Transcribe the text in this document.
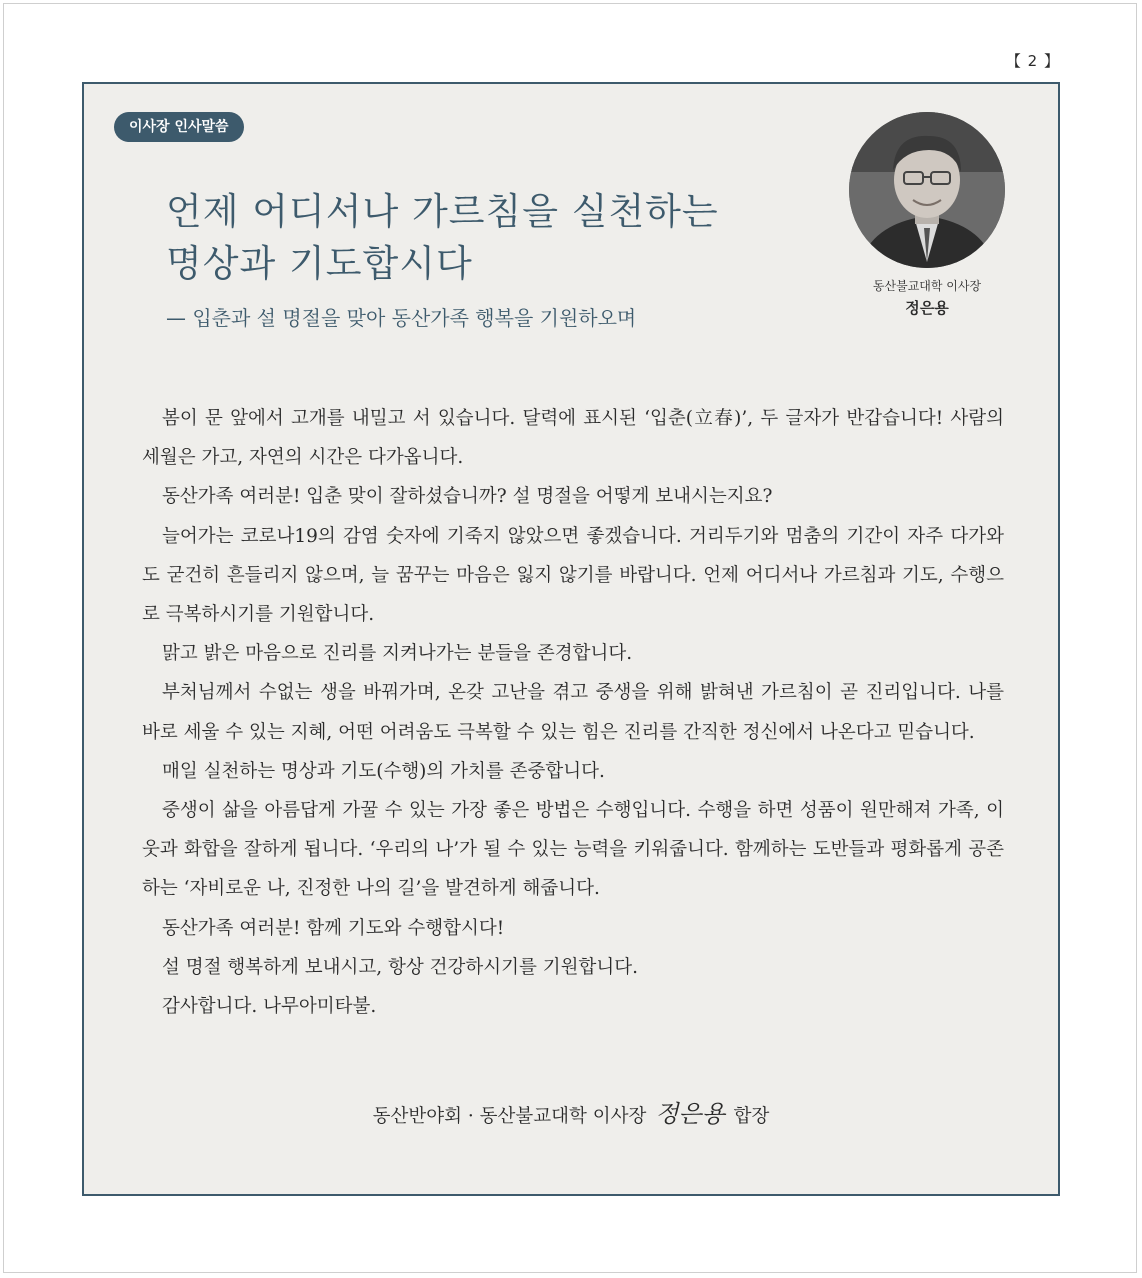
【 2 】
이사장 인사말씀
언제 어디서나 가르침을 실천하는
명상과 기도합시다
— 입춘과 설 명절을 맞아 동산가족 행복을 기원하오며
동산불교대학 이사장
정은용

봄이 문 앞에서 고개를 내밀고 서 있습니다. 달력에 표시된 ‘입춘(立春)’, 두 글자가 반갑습니다! 사람의 세월은 가고, 자연의 시간은 다가옵니다.

동산가족 여러분! 입춘 맞이 잘하셨습니까? 설 명절을 어떻게 보내시는지요?

늘어가는 코로나19의 감염 숫자에 기죽지 않았으면 좋겠습니다. 거리두기와 멈춤의 기간이 자주 다가와도 굳건히 흔들리지 않으며, 늘 꿈꾸는 마음은 잃지 않기를 바랍니다. 언제 어디서나 가르침과 기도, 수행으로 극복하시기를 기원합니다.

맑고 밝은 마음으로 진리를 지켜나가는 분들을 존경합니다.

부처님께서 수없는 생을 바꿔가며, 온갖 고난을 겪고 중생을 위해 밝혀낸 가르침이 곧 진리입니다. 나를 바로 세울 수 있는 지혜, 어떤 어려움도 극복할 수 있는 힘은 진리를 간직한 정신에서 나온다고 믿습니다.

매일 실천하는 명상과 기도(수행)의 가치를 존중합니다.

중생이 삶을 아름답게 가꿀 수 있는 가장 좋은 방법은 수행입니다. 수행을 하면 성품이 원만해져 가족, 이웃과 화합을 잘하게 됩니다. ‘우리의 나’가 될 수 있는 능력을 키워줍니다. 함께하는 도반들과 평화롭게 공존하는 ‘자비로운 나, 진정한 나의 길’을 발견하게 해줍니다.

동산가족 여러분! 함께 기도와 수행합시다!

설 명절 행복하게 보내시고, 항상 건강하시기를 기원합니다.

감사합니다. 나무아미타불.

동산반야회 · 동산불교대학 이사장 정은용 합장
